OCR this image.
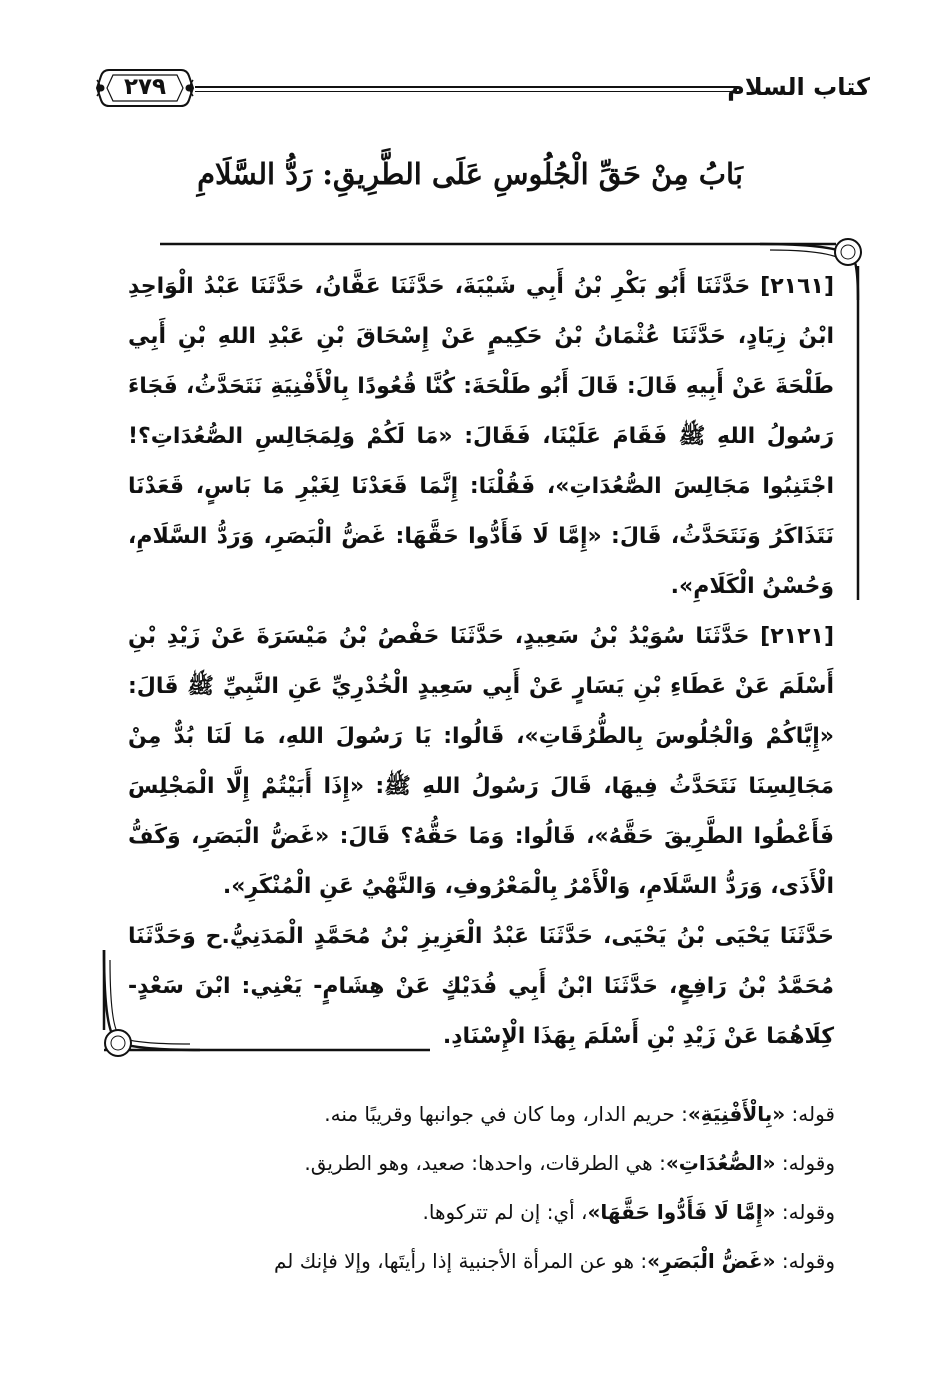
كتاب السلام
٢٧٩
بَابُ مِنْ حَقِّ الْجُلُوسِ عَلَى الطَّرِيقِ: رَدُّ السَّلَامِ

[٢١٦١] حَدَّثَنَا أَبُو بَكْرِ بْنُ أَبِي شَيْبَةَ، حَدَّثَنَا عَفَّانُ، حَدَّثَنَا عَبْدُ الْوَاحِدِ ابْنُ زِيَادٍ، حَدَّثَنَا عُثْمَانُ بْنُ حَكِيمٍ عَنْ إِسْحَاقَ بْنِ عَبْدِ اللهِ بْنِ أَبِي طَلْحَةَ عَنْ أَبِيهِ قَالَ: قَالَ أَبُو طَلْحَةَ: كُنَّا قُعُودًا بِالْأَفْنِيَةِ نَتَحَدَّثُ، فَجَاءَ رَسُولُ اللهِ ﷺ فَقَامَ عَلَيْنَا، فَقَالَ: «مَا لَكُمْ وَلِمَجَالِسِ الصُّعُدَاتِ؟! اجْتَنِبُوا مَجَالِسَ الصُّعُدَاتِ»، فَقُلْنَا: إِنَّمَا قَعَدْنَا لِغَيْرِ مَا بَاسٍ، قَعَدْنَا نَتَذَاكَرُ وَنَتَحَدَّثُ، قَالَ: «إِمَّا لَا فَأَدُّوا حَقَّهَا: غَضُّ الْبَصَرِ، وَرَدُّ السَّلَامِ، وَحُسْنُ الْكَلَامِ».

[٢١٢١] حَدَّثَنَا سُوَيْدُ بْنُ سَعِيدٍ، حَدَّثَنَا حَفْصُ بْنُ مَيْسَرَةَ عَنْ زَيْدِ بْنِ أَسْلَمَ عَنْ عَطَاءِ بْنِ يَسَارٍ عَنْ أَبِي سَعِيدٍ الْخُدْرِيِّ عَنِ النَّبِيِّ ﷺ قَالَ: «إِيَّاكُمْ وَالْجُلُوسَ بِالطُّرُقَاتِ»، قَالُوا: يَا رَسُولَ اللهِ، مَا لَنَا بُدٌّ مِنْ مَجَالِسِنَا نَتَحَدَّثُ فِيهَا، قَالَ رَسُولُ اللهِ ﷺ: «إِذَا أَبَيْتُمْ إِلَّا الْمَجْلِسَ فَأَعْطُوا الطَّرِيقَ حَقَّهُ»، قَالُوا: وَمَا حَقُّهُ؟ قَالَ: «غَضُّ الْبَصَرِ، وَكَفُّ الْأَذَى، وَرَدُّ السَّلَامِ، وَالْأَمْرُ بِالْمَعْرُوفِ، وَالنَّهْيُ عَنِ الْمُنْكَرِ».

حَدَّثَنَا يَحْيَى بْنُ يَحْيَى، حَدَّثَنَا عَبْدُ الْعَزِيزِ بْنُ مُحَمَّدٍ الْمَدَنِيُّ.ح وَحَدَّثَنَا مُحَمَّدُ بْنُ رَافِعٍ، حَدَّثَنَا ابْنُ أَبِي فُدَيْكٍ عَنْ هِشَامٍ- يَعْنِي: ابْنَ سَعْدٍ- كِلَاهُمَا عَنْ زَيْدِ بْنِ أَسْلَمَ بِهَذَا الْإِسْنَادِ.

قوله: «بِالْأَفْنِيَةِ»: حريم الدار، وما كان في جوانبها وقريبًا منه.

وقوله: «الصُّعُدَاتِ»: هي الطرقات، واحدها: صعيد، وهو الطريق.

وقوله: «إِمَّا لَا فَأَدُّوا حَقَّهَا»، أي: إن لم تتركوها.

وقوله: «غَضُّ الْبَصَرِ»: هو عن المرأة الأجنبية إذا رأيتَها، وإلا فإنك لم
